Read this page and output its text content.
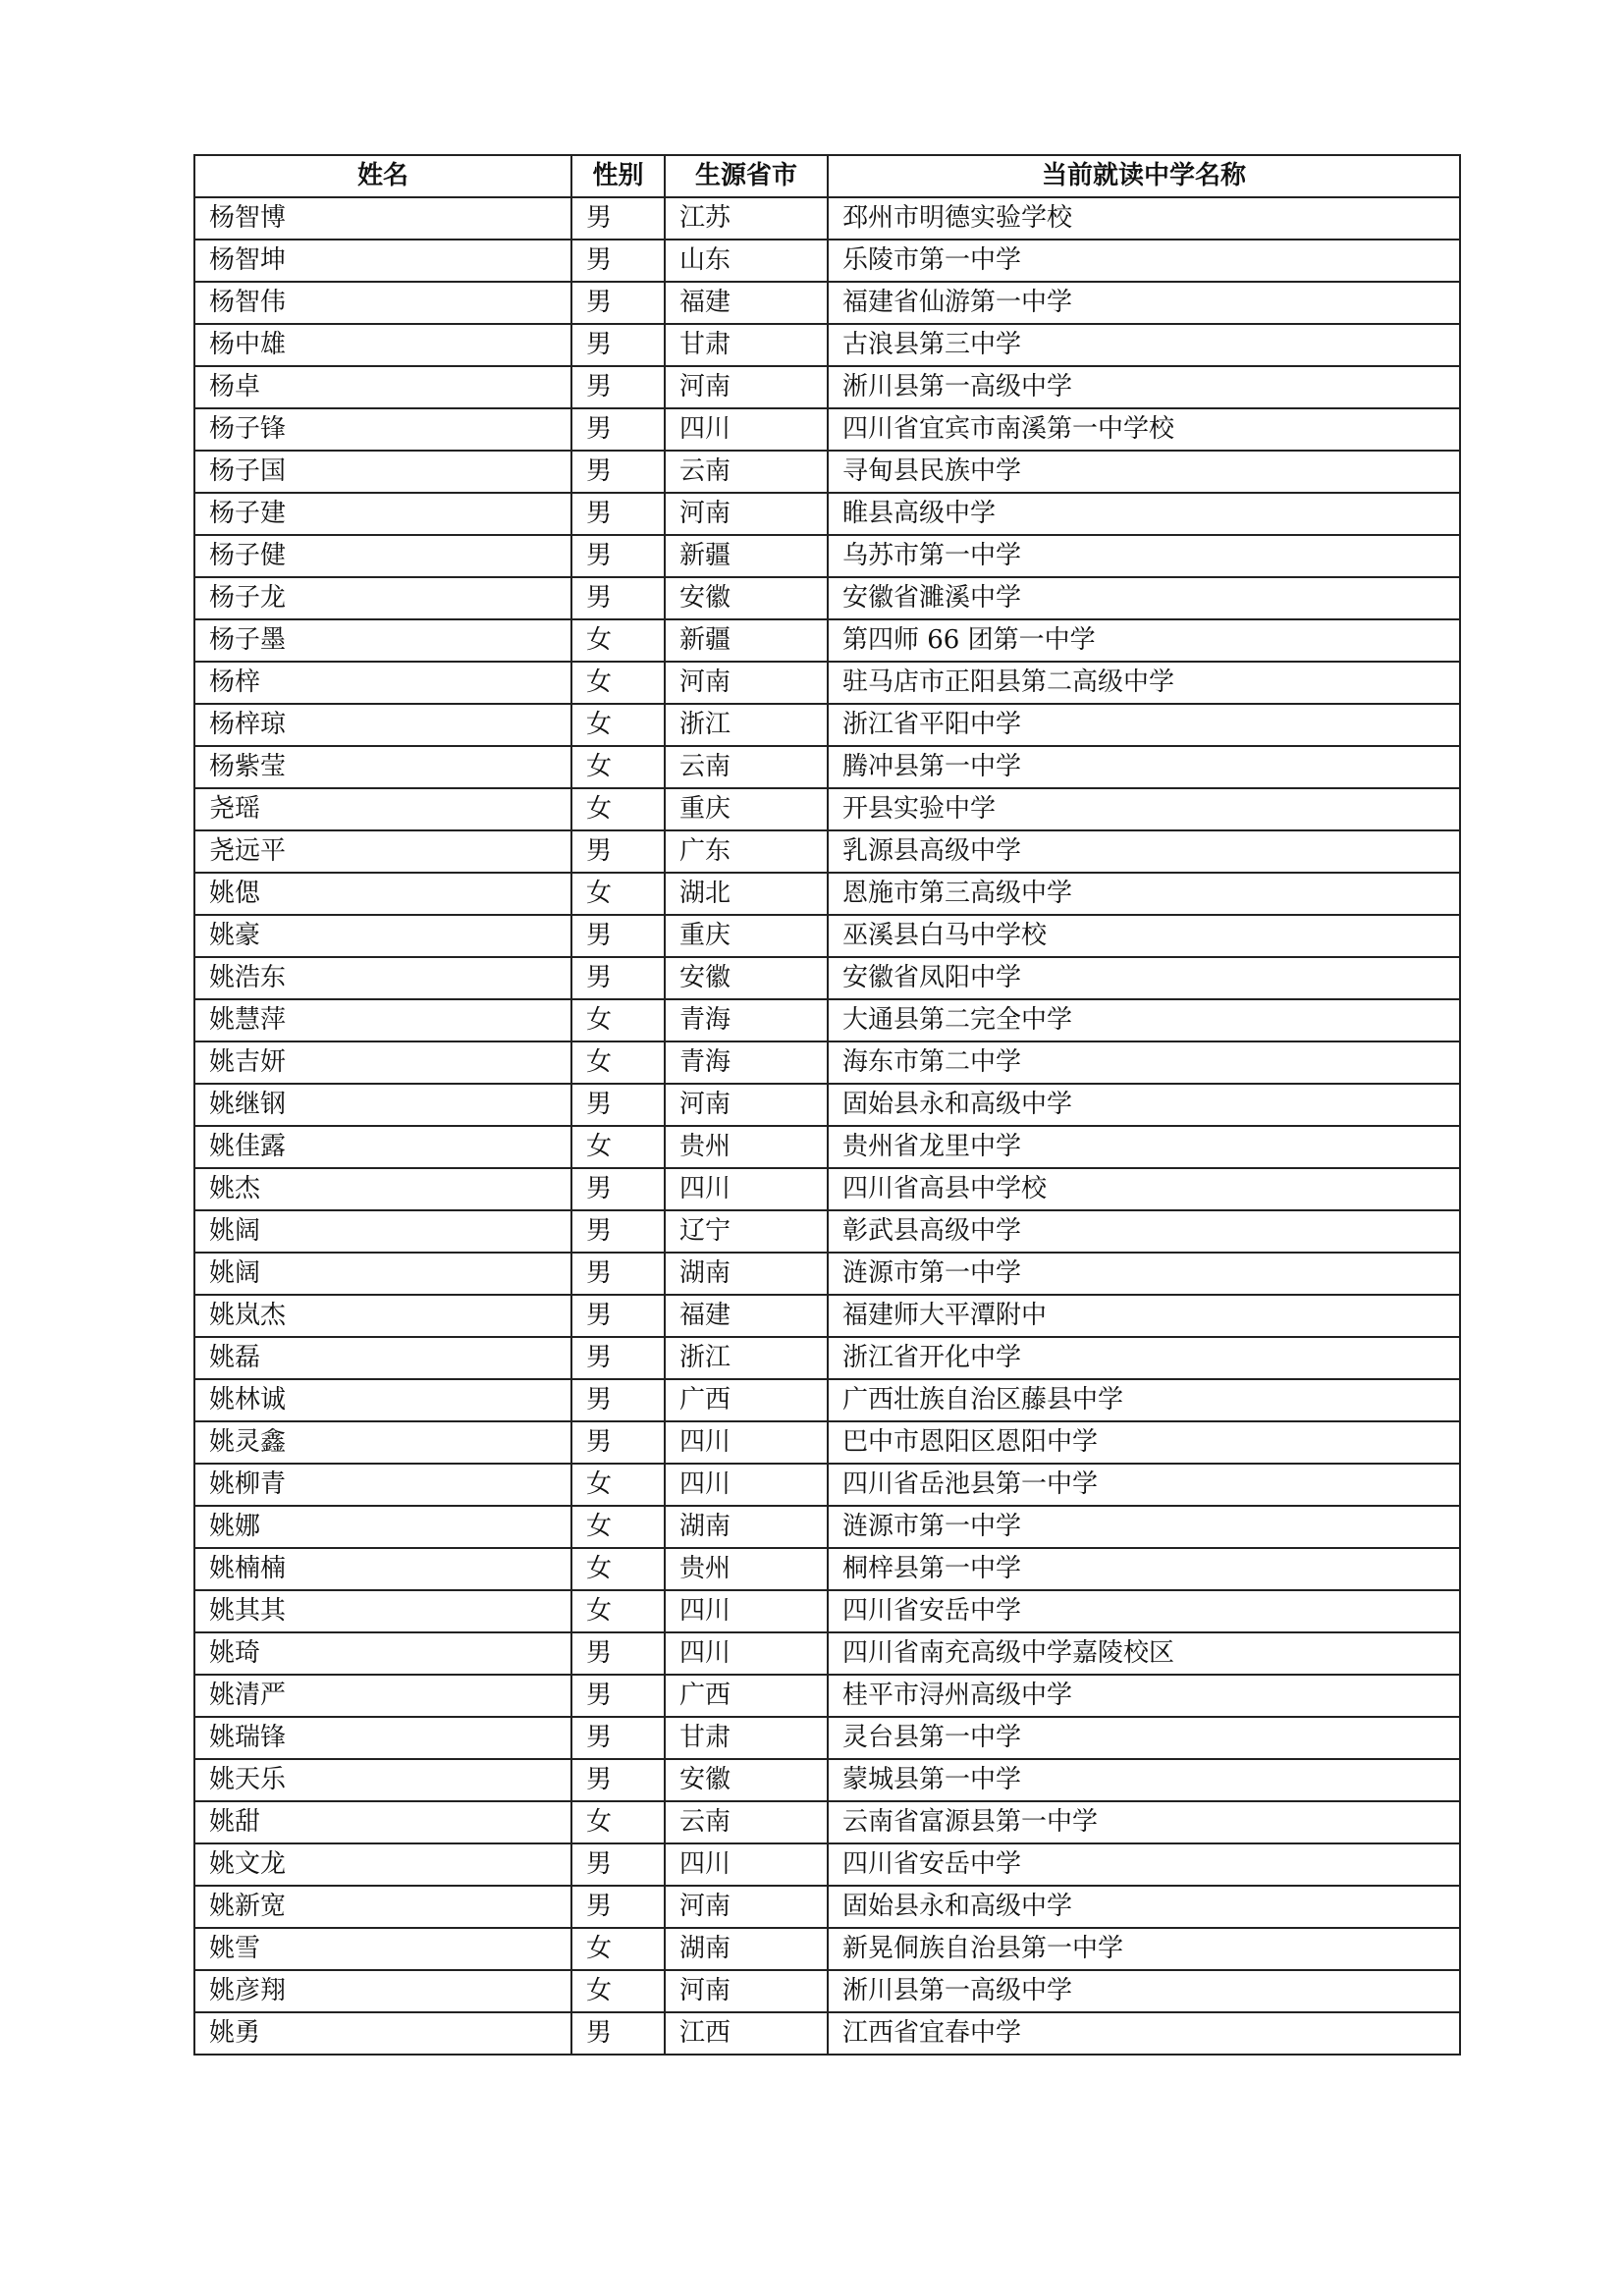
姓名	性别	生源省市	当前就读中学名称
杨智博	男	江苏	邳州市明德实验学校
杨智坤	男	山东	乐陵市第一中学
杨智伟	男	福建	福建省仙游第一中学
杨中雄	男	甘肃	古浪县第三中学
杨卓	男	河南	淅川县第一高级中学
杨子锋	男	四川	四川省宜宾市南溪第一中学校
杨子国	男	云南	寻甸县民族中学
杨子建	男	河南	睢县高级中学
杨子健	男	新疆	乌苏市第一中学
杨子龙	男	安徽	安徽省濉溪中学
杨子墨	女	新疆	第四师 66 团第一中学
杨梓	女	河南	驻马店市正阳县第二高级中学
杨梓琼	女	浙江	浙江省平阳中学
杨紫莹	女	云南	腾冲县第一中学
尧瑶	女	重庆	开县实验中学
尧远平	男	广东	乳源县高级中学
姚偲	女	湖北	恩施市第三高级中学
姚豪	男	重庆	巫溪县白马中学校
姚浩东	男	安徽	安徽省凤阳中学
姚慧萍	女	青海	大通县第二完全中学
姚吉妍	女	青海	海东市第二中学
姚继钢	男	河南	固始县永和高级中学
姚佳露	女	贵州	贵州省龙里中学
姚杰	男	四川	四川省高县中学校
姚阔	男	辽宁	彰武县高级中学
姚阔	男	湖南	涟源市第一中学
姚岚杰	男	福建	福建师大平潭附中
姚磊	男	浙江	浙江省开化中学
姚林诚	男	广西	广西壮族自治区藤县中学
姚灵鑫	男	四川	巴中市恩阳区恩阳中学
姚柳青	女	四川	四川省岳池县第一中学
姚娜	女	湖南	涟源市第一中学
姚楠楠	女	贵州	桐梓县第一中学
姚其其	女	四川	四川省安岳中学
姚琦	男	四川	四川省南充高级中学嘉陵校区
姚清严	男	广西	桂平市浔州高级中学
姚瑞锋	男	甘肃	灵台县第一中学
姚天乐	男	安徽	蒙城县第一中学
姚甜	女	云南	云南省富源县第一中学
姚文龙	男	四川	四川省安岳中学
姚新宽	男	河南	固始县永和高级中学
姚雪	女	湖南	新晃侗族自治县第一中学
姚彦翔	女	河南	淅川县第一高级中学
姚勇	男	江西	江西省宜春中学
